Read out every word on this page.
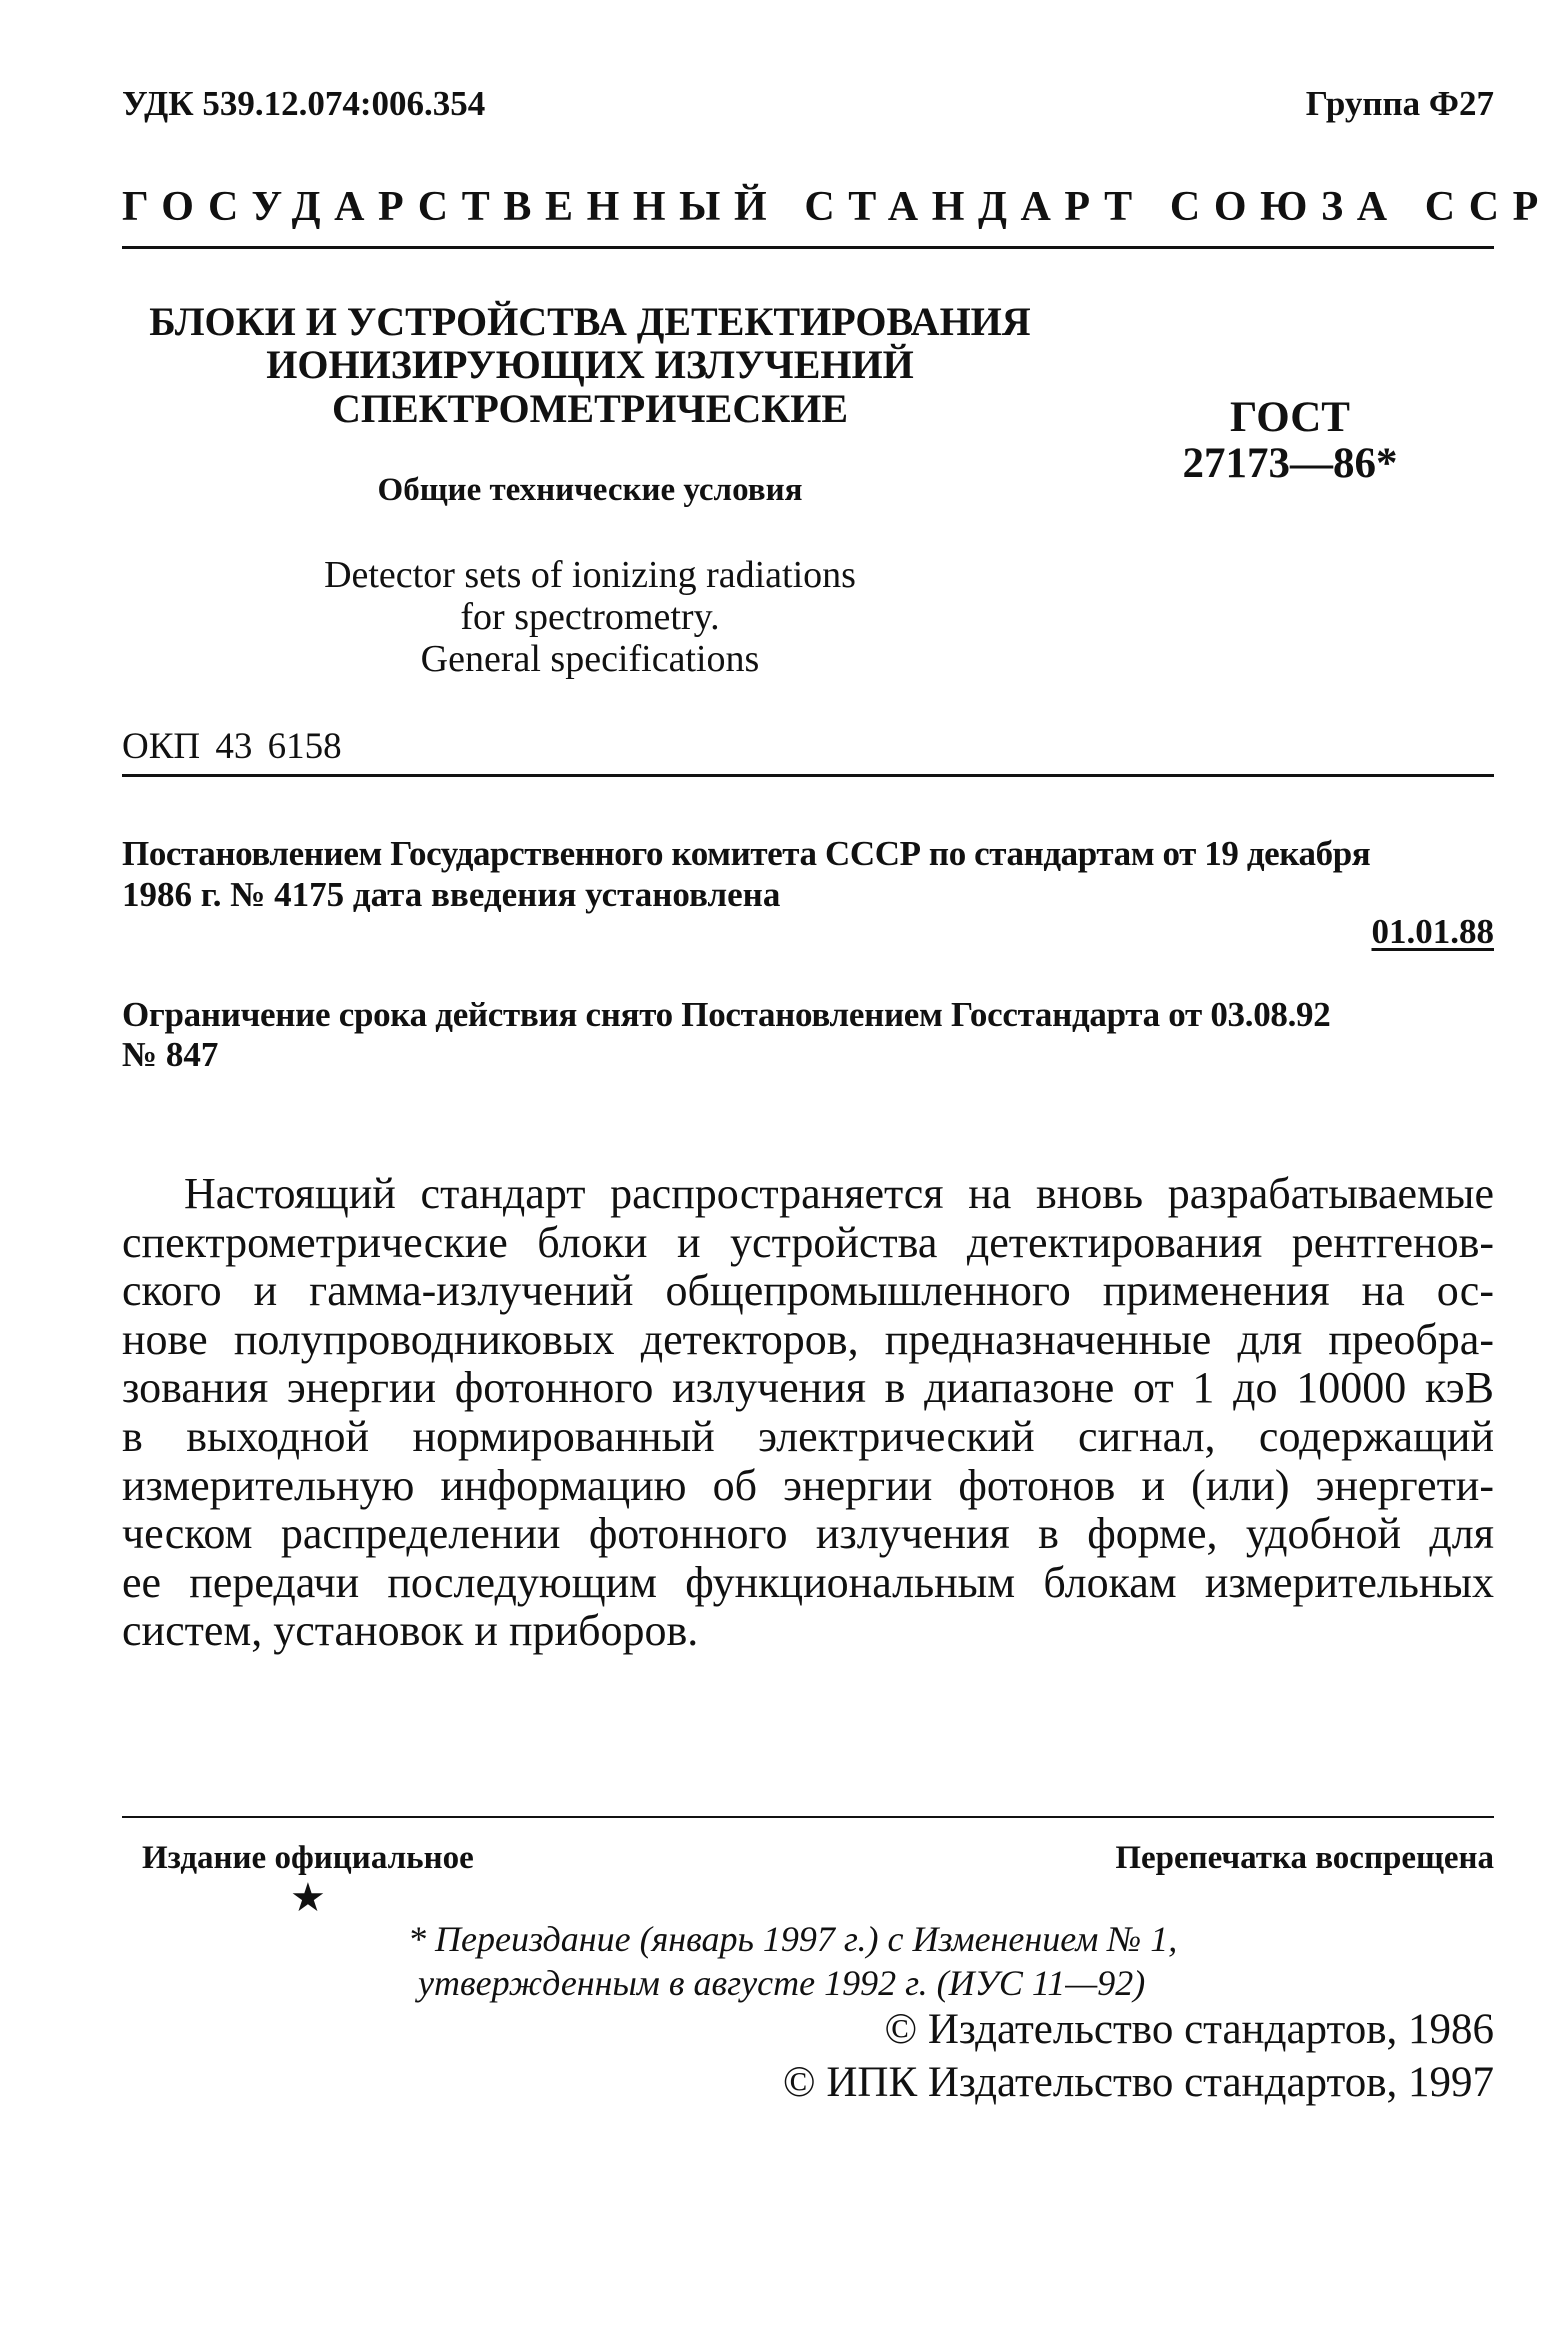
УДК 539.12.074:006.354	Группа Ф27
ГОСУДАРСТВЕННЫЙ СТАНДАРТ СОЮЗА ССР
БЛОКИ И УСТРОЙСТВА ДЕТЕКТИРОВАНИЯ
ИОНИЗИРУЮЩИХ ИЗЛУЧЕНИЙ
СПЕКТРОМЕТРИЧЕСКИЕ
Общие технические условия
Detector sets of ionizing radiations
for spectrometry.
General specifications
ГОСТ
27173—86*
ОКП 43 6158
Постановлением Государственного комитета СССР по стандартам от 19 декабря
1986 г. № 4175 дата введения установлена
01.01.88
Ограничение срока действия снято Постановлением Госстандарта от 03.08.92
№ 847
Настоящий стандарт распространяется на вновь разрабатываемые
спектрометрические блоки и устройства детектирования рентгенов-
ского и гамма-излучений общепромышленного применения на ос-
нове полупроводниковых детекторов, предназначенные для преобра-
зования энергии фотонного излучения в диапазоне от 1 до 10000 кэВ
в выходной нормированный электрический сигнал, содержащий
измерительную информацию об энергии фотонов и (или) энергети-
ческом распределении фотонного излучения в форме, удобной для
ее передачи последующим функциональным блокам измерительных
систем, установок и приборов.
Издание официальное	Перепечатка воспрещена
★
* Переиздание (январь 1997 г.) с Изменением № 1,
утвержденным в августе 1992 г. (ИУС 11—92)
© Издательство стандартов, 1986
© ИПК Издательство стандартов, 1997
